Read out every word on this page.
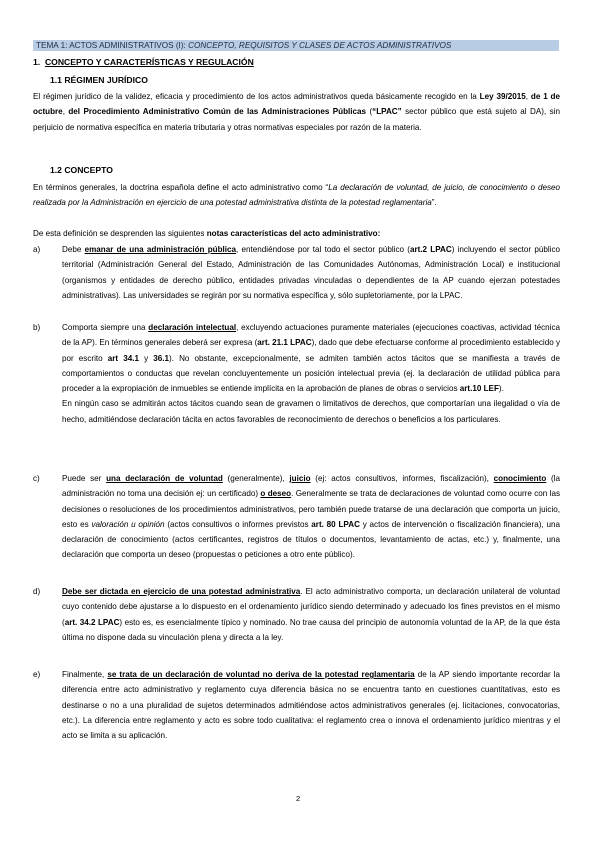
TEMA 1: ACTOS ADMINISTRATIVOS (I): CONCEPTO, REQUISITOS Y CLASES DE ACTOS ADMINISTRATIVOS
1. CONCEPTO Y CARACTERÍSTICAS Y REGULACIÓN
1.1 RÉGIMEN JURÍDICO
El régimen jurídico de la validez, eficacia y procedimiento de los actos administrativos queda básicamente recogido en la Ley 39/2015, de 1 de octubre, del Procedimiento Administrativo Común de las Administraciones Públicas (“LPAC” sector público que está sujeto al DA), sin perjuicio de normativa específica en materia tributaria y otras normativas especiales por razón de la materia.
1.2 CONCEPTO
En términos generales, la doctrina española define el acto administrativo como “La declaración de voluntad, de juicio, de conocimiento o deseo realizada por la Administración en ejercicio de una potestad administrativa distinta de la potestad reglamentaria”.
De esta definición se desprenden las siguientes notas características del acto administrativo:
a)	Debe emanar de una administración pública, entendiéndose por tal todo el sector público (art.2 LPAC) incluyendo el sector público territorial (Administración General del Estado, Administración de las Comunidades Autónomas, Administración Local) e institucional (organismos y entidades de derecho público, entidades privadas vinculadas o dependientes de la AP cuando ejerzan potestades administrativas). Las universidades se regirán por su normativa específica y, sólo supletoriamente, por la LPAC.
b)	Comporta siempre una declaración intelectual, excluyendo actuaciones puramente materiales (ejecuciones coactivas, actividad técnica de la AP). En términos generales deberá ser expresa (art. 21.1 LPAC), dado que debe efectuarse conforme al procedimiento establecido y por escrito art 34.1 y 36.1). No obstante, excepcionalmente, se admiten también actos tácitos que se manifiesta a través de comportamientos o conductas que revelan concluyentemente un posición intelectual previa (ej. la declaración de utilidad pública para proceder a la expropiación de inmuebles se entiende implícita en la aprobación de planes de obras o servicios art.10 LEF).
En ningún caso se admitirán actos tácitos cuando sean de gravamen o limitativos de derechos, que comportarían una ilegalidad o vía de hecho, admitiéndose declaración tácita en actos favorables de reconocimiento de derechos o beneficios a los particulares.
c)	Puede ser una declaración de voluntad (generalmente), juicio (ej: actos consultivos, informes, fiscalización), conocimiento (la administración no toma una decisión ej: un certificado) o deseo. Generalmente se trata de declaraciones de voluntad como ocurre con las decisiones o resoluciones de los procedimientos administrativos, pero también puede tratarse de una declaración que comporta un juicio, esto es valoración u opinión (actos consultivos o informes previstos art. 80 LPAC y actos de intervención o fiscalización financiera), una declaración de conocimiento (actos certificantes, registros de títulos o documentos, levantamiento de actas, etc.) y, finalmente, una declaración que comporta un deseo (propuestas o peticiones a otro ente público).
d)	Debe ser dictada en ejercicio de una potestad administrativa. El acto administrativo comporta, un declaración unilateral de voluntad cuyo contenido debe ajustarse a lo dispuesto en el ordenamiento jurídico siendo determinado y adecuado los fines previstos en el mismo (art. 34.2 LPAC) esto es, es esencialmente típico y nominado. No trae causa del principio de autonomía voluntad de la AP, de la que ésta última no dispone dada su vinculación plena y directa a la ley.
e)	Finalmente, se trata de un declaración de voluntad no deriva de la potestad reglamentaria de la AP siendo importante recordar la diferencia entre acto administrativo y reglamento cuya diferencia básica no se encuentra tanto en cuestiones cuantitativas, esto es destinarse o no a una pluralidad de sujetos determinados admitiéndose actos administrativos generales (ej. licitaciones, convocatorias, etc.). La diferencia entre reglamento y acto es sobre todo cualitativa: el reglamento crea o innova el ordenamiento jurídico mientras y el acto se limita a su aplicación.
2
